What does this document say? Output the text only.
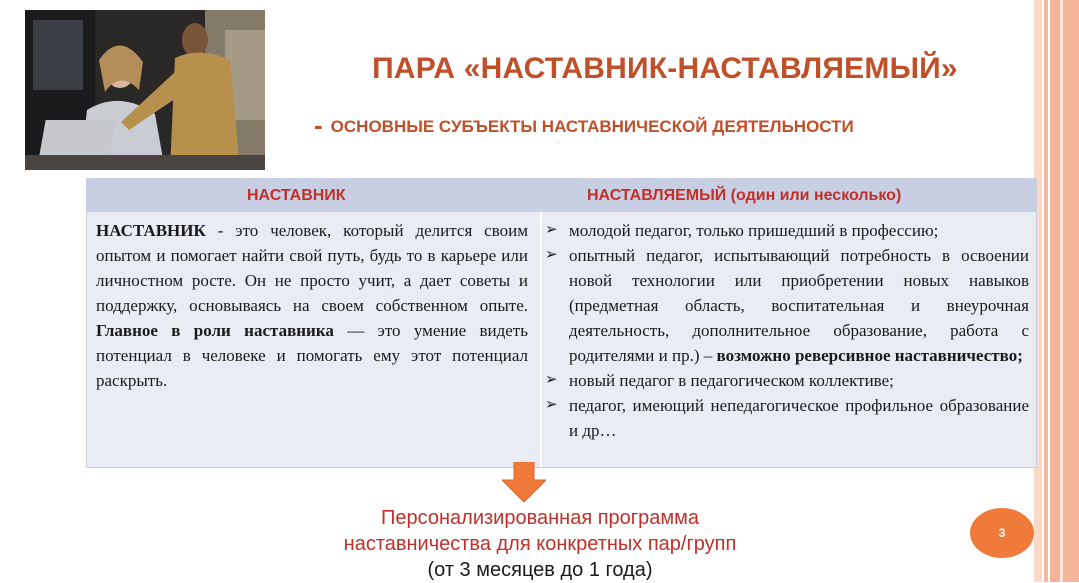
ПАРА «НАСТАВНИК-НАСТАВЛЯЕМЫЙ»
- ОСНОВНЫЕ СУБЪЕКТЫ НАСТАВНИЧЕСКОЙ ДЕЯТЕЛЬНОСТИ
НАСТАВНИК	НАСТАВЛЯЕМЫЙ (один или несколько)
НАСТАВНИК - это человек, который делится своим опытом и помогает найти свой путь, будь то в карьере или личностном росте. Он не просто учит, а дает советы и поддержку, основываясь на своем собственном опыте. Главное в роли наставника — это умение видеть потенциал в человеке и помогать ему этот потенциал раскрыть.
➢ молодой педагог, только пришедший в профессию;
➢ опытный педагог, испытывающий потребность в освоении новой технологии или приобретении новых навыков (предметная область, воспитательная и внеурочная деятельность, дополнительное образование, работа с родителями и пр.) – возможно реверсивное наставничество;
➢ новый педагог в педагогическом коллективе;
➢ педагог, имеющий непедагогическое профильное образование и др…
Персонализированная программа
наставничества для конкретных пар/групп
(от 3 месяцев до 1 года)
3
